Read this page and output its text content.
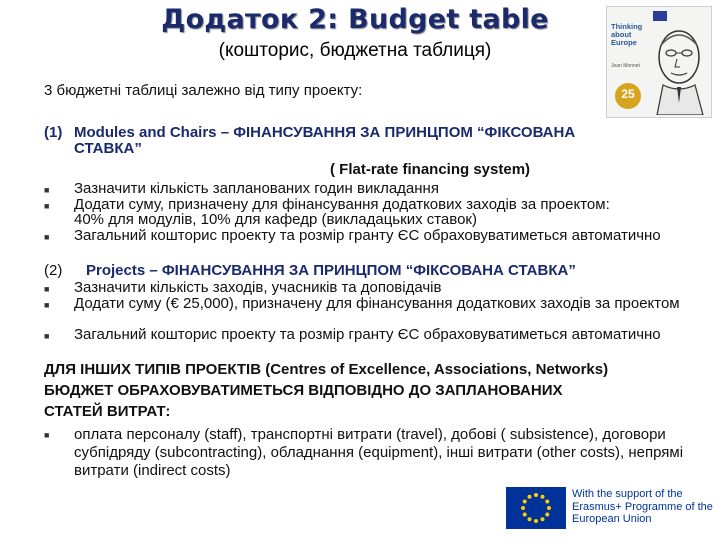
Додаток 2: Budget table
(кошторис, бюджетна таблиця)
Thinking about Europe
Jean Monnet
25
3 бюджетні таблиці залежно від типу проекту:
(1) Modules and Chairs – ФІНАНСУВАННЯ ЗА ПРИНЦПОМ “ФІКСОВАНА
СТАВКА”
( Flat-rate financing system)
■ Зазначити кількість запланованих годин викладання
■ Додати суму, призначену для фінансування додаткових заходів за проектом: 40% для модулів, 10% для кафедр (викладацьких ставок)
■ Загальний кошторис проекту та розмір гранту ЄС обраховуватиметься автоматично
(2) Projects – ФІНАНСУВАННЯ ЗА ПРИНЦПОМ “ФІКСОВАНА СТАВКА”
■ Зазначити кількість заходів, учасників та доповідачів
■ Додати суму (€ 25,000), призначену для фінансування додаткових заходів за проектом
■ Загальний кошторис проекту та розмір гранту ЄС обраховуватиметься автоматично
ДЛЯ ІНШИХ ТИПІВ ПРОЕКТІВ (Centres of Excellence, Associations, Networks)
БЮДЖЕТ ОБРАХОВУВАТИМЕТЬСЯ ВІДПОВІДНО ДО ЗАПЛАНОВАНИХ
СТАТЕЙ ВИТРАТ:
■ оплата персоналу (staff), транспортні витрати (travel), добові ( subsistence), договори субпідряду (subcontracting), обладнання (equipment), інші витрати (other costs), непрямі витрати (indirect costs)
With the support of the Erasmus+ Programme of the European Union
